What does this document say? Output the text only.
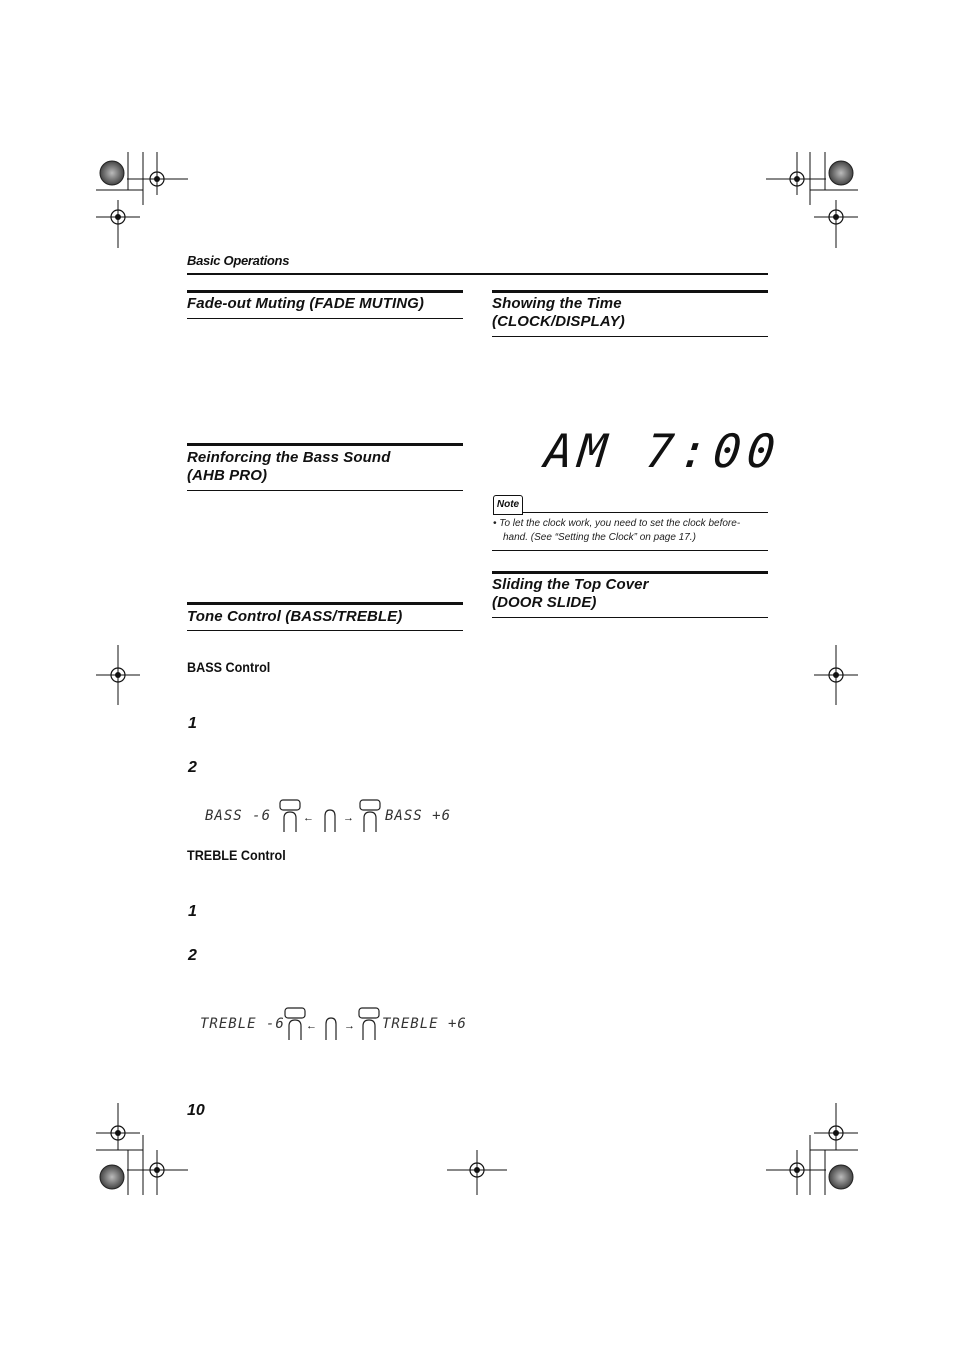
Basic Operations
Fade-out Muting (FADE MUTING)
Reinforcing the Bass Sound
(AHB PRO)
Tone Control (BASS/TREBLE)
BASS Control
1
2
BASS -6	←	→ BASS +6
TREBLE Control
1
2
TREBLE -6 ← → TREBLE +6
Showing the Time
(CLOCK/DISPLAY)
AM 7:00
Note
• To let the clock work, you need to set the clock before-
hand. (See “Setting the Clock” on page 17.)
Sliding the Top Cover
(DOOR SLIDE)
10
